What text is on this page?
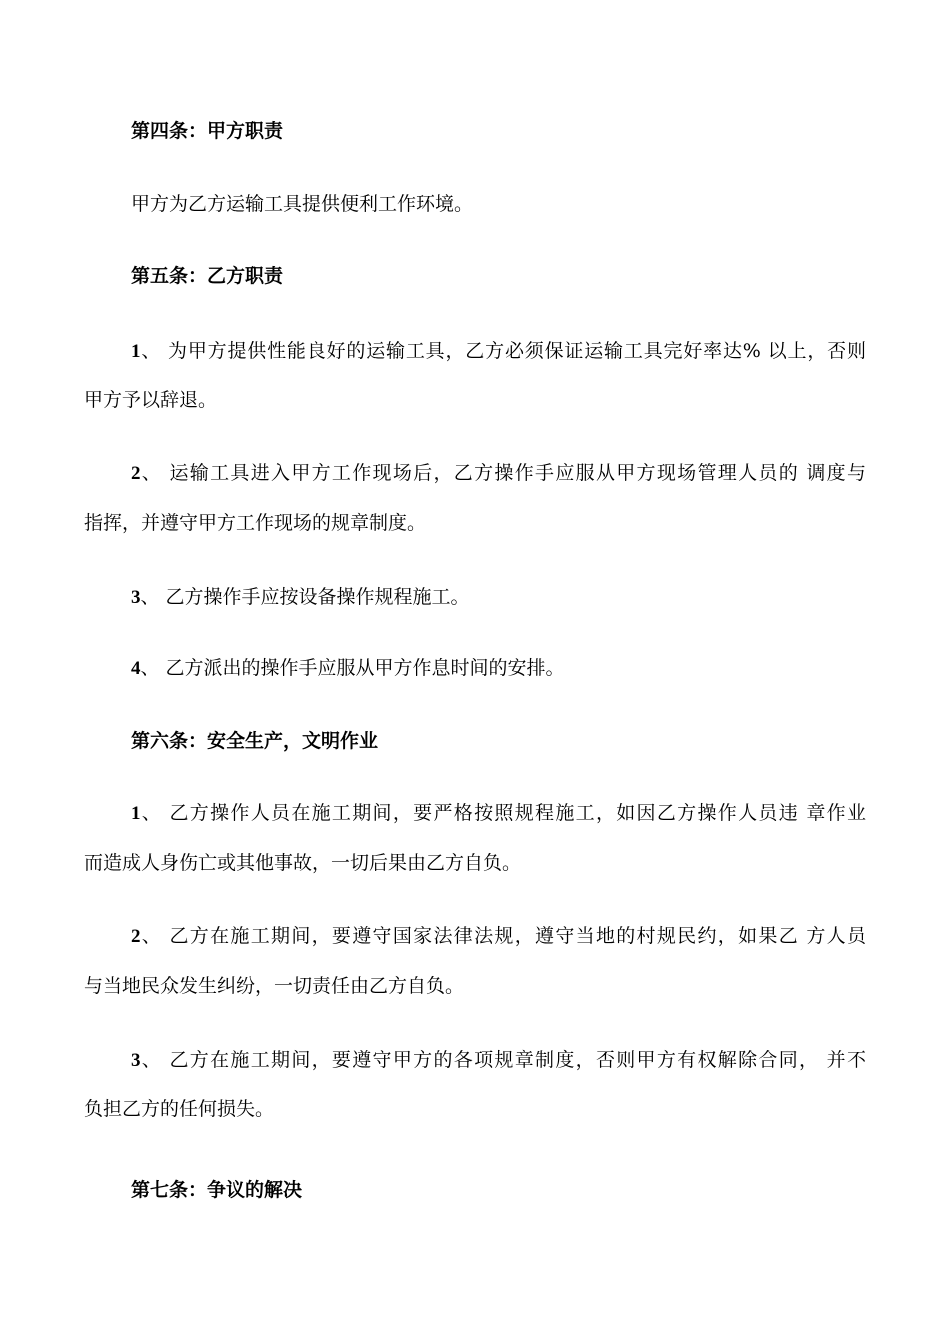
第四条：甲方职责
甲方为乙方运输工具提供便利工作环境。
第五条：乙方职责
1、 为甲方提供性能良好的运输工具，乙方必须保证运输工具完好率达% 以上，否则
甲方予以辞退。
2、 运输工具进入甲方工作现场后，乙方操作手应服从甲方现场管理人员的 调度与
指挥，并遵守甲方工作现场的规章制度。
3、 乙方操作手应按设备操作规程施工。
4、 乙方派出的操作手应服从甲方作息时间的安排。
第六条：安全生产，文明作业
1、 乙方操作人员在施工期间，要严格按照规程施工，如因乙方操作人员违 章作业
而造成人身伤亡或其他事故，一切后果由乙方自负。
2、 乙方在施工期间，要遵守国家法律法规，遵守当地的村规民约，如果乙 方人员
与当地民众发生纠纷，一切责任由乙方自负。
3、 乙方在施工期间，要遵守甲方的各项规章制度，否则甲方有权解除合同， 并不
负担乙方的任何损失。
第七条：争议的解决
